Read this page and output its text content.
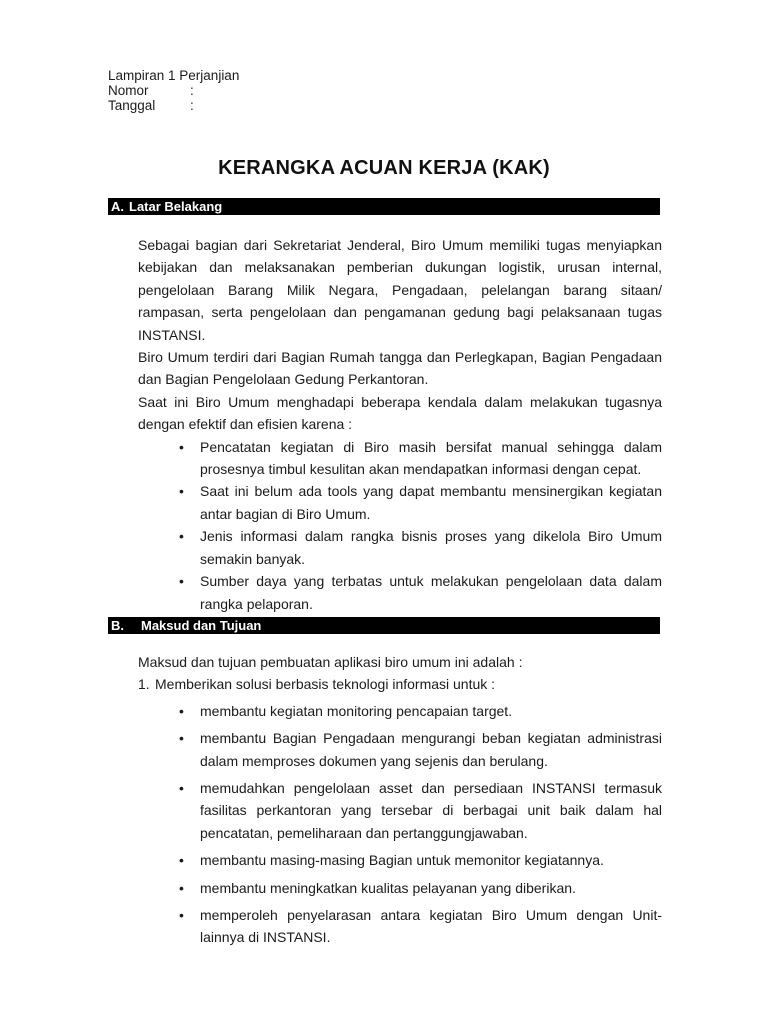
Lampiran 1 Perjanjian
Nomor	:
Tanggal	:
KERANGKA ACUAN KERJA (KAK)
A. Latar Belakang

Sebagai bagian dari Sekretariat Jenderal, Biro Umum memiliki tugas menyiapkan kebijakan dan melaksanakan pemberian dukungan logistik, urusan internal, pengelolaan Barang Milik Negara, Pengadaan, pelelangan barang sitaan/ rampasan, serta pengelolaan dan pengamanan gedung bagi pelaksanaan tugas INSTANSI.

Biro Umum terdiri dari Bagian Rumah tangga dan Perlegkapan, Bagian Pengadaan dan Bagian Pengelolaan Gedung Perkantoran.

Saat ini Biro Umum menghadapi beberapa kendala dalam melakukan tugasnya dengan efektif dan efisien karena :

• Pencatatan kegiatan di Biro masih bersifat manual sehingga dalam prosesnya timbul kesulitan akan mendapatkan informasi dengan cepat.
• Saat ini belum ada tools yang dapat membantu mensinergikan kegiatan antar bagian di Biro Umum.
• Jenis informasi dalam rangka bisnis proses yang dikelola Biro Umum semakin banyak.
• Sumber daya yang terbatas untuk melakukan pengelolaan data dalam rangka pelaporan.
B. Maksud dan Tujuan

Maksud dan tujuan pembuatan aplikasi biro umum ini adalah :

1. Memberikan solusi berbasis teknologi informasi untuk :
• membantu kegiatan monitoring pencapaian target.
• membantu Bagian Pengadaan mengurangi beban kegiatan administrasi dalam memproses dokumen yang sejenis dan berulang.
• memudahkan pengelolaan asset dan persediaan INSTANSI termasuk fasilitas perkantoran yang tersebar di berbagai unit baik dalam hal pencatatan, pemeliharaan dan pertanggungjawaban.
• membantu masing-masing Bagian untuk memonitor kegiatannya.
• membantu meningkatkan kualitas pelayanan yang diberikan.
• memperoleh penyelarasan antara kegiatan Biro Umum dengan Unit-lainnya di INSTANSI.
